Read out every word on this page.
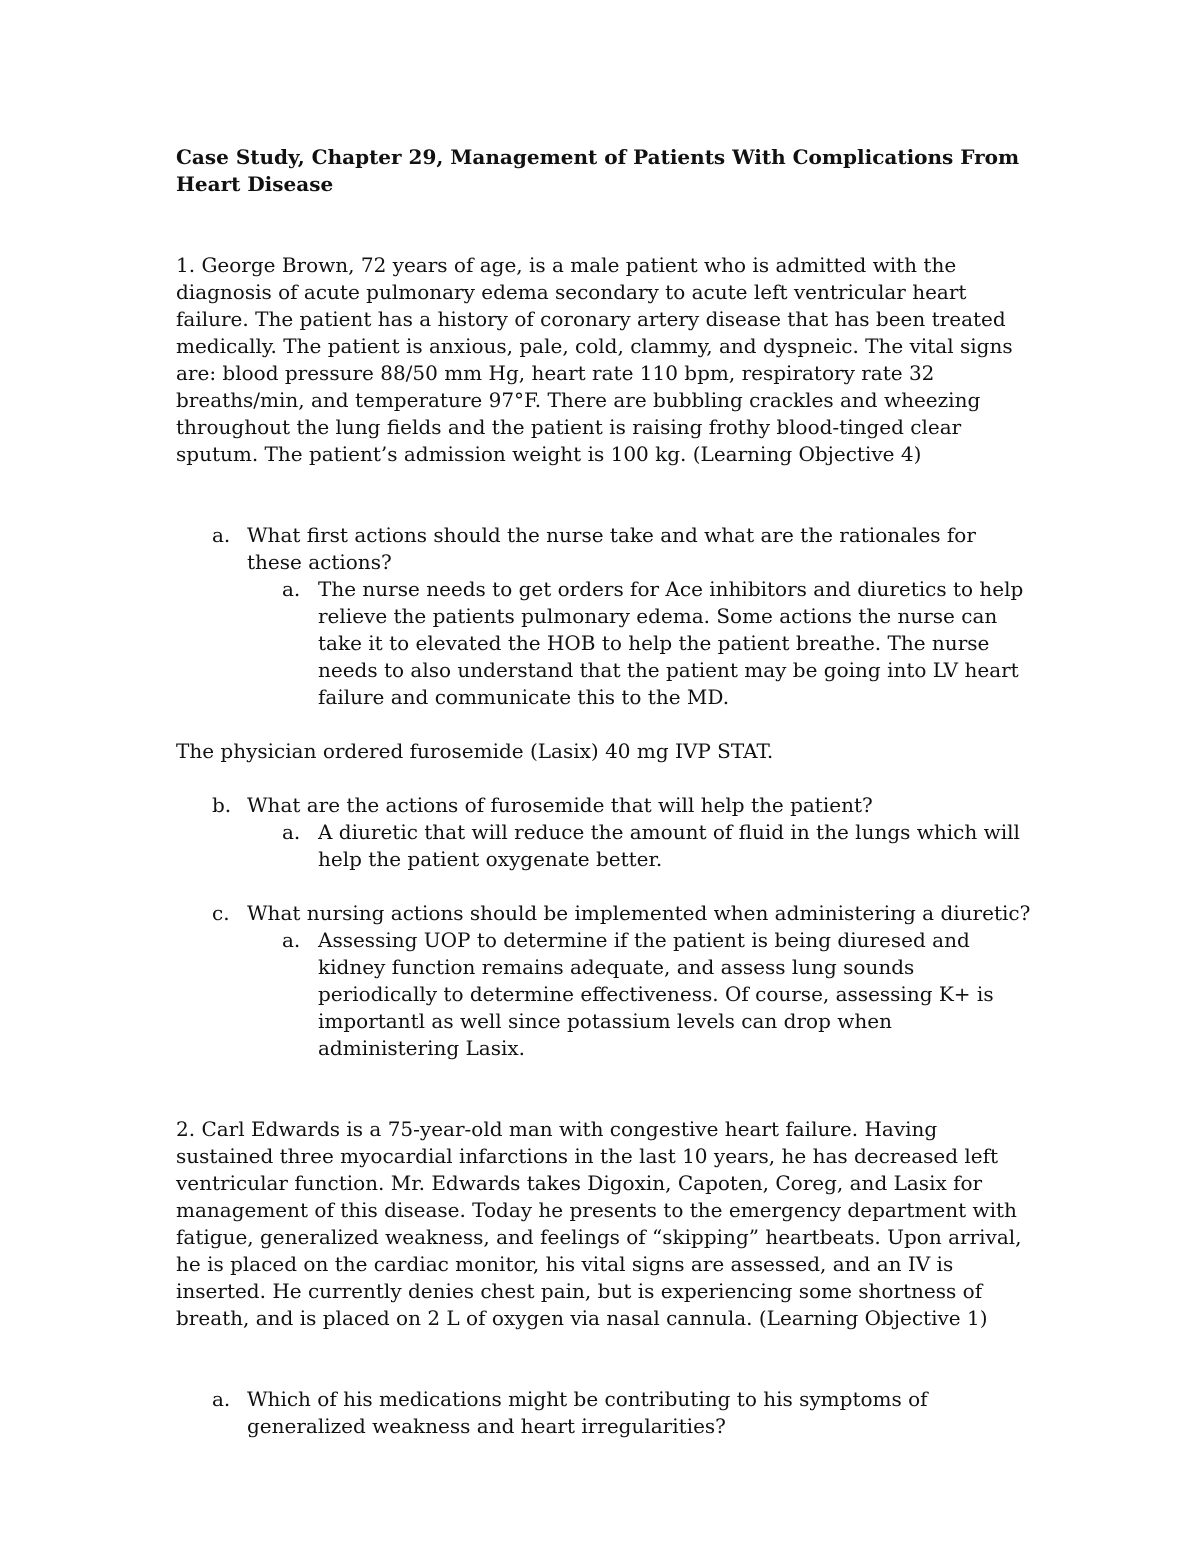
Case Study, Chapter 29, Management of Patients With Complications From Heart Disease

1. George Brown, 72 years of age, is a male patient who is admitted with the diagnosis of acute pulmonary edema secondary to acute left ventricular heart failure. The patient has a history of coronary artery disease that has been treated medically. The patient is anxious, pale, cold, clammy, and dyspneic. The vital signs are: blood pressure 88/50 mm Hg, heart rate 110 bpm, respiratory rate 32 breaths/min, and temperature 97°F. There are bubbling crackles and wheezing throughout the lung fields and the patient is raising frothy blood-tinged clear sputum. The patient’s admission weight is 100 kg. (Learning Objective 4)

a. What first actions should the nurse take and what are the rationales for these actions?
a. The nurse needs to get orders for Ace inhibitors and diuretics to help relieve the patients pulmonary edema. Some actions the nurse can take it to elevated the HOB to help the patient breathe. The nurse needs to also understand that the patient may be going into LV heart failure and communicate this to the MD.

The physician ordered furosemide (Lasix) 40 mg IVP STAT.

b. What are the actions of furosemide that will help the patient?
a. A diuretic that will reduce the amount of fluid in the lungs which will help the patient oxygenate better.
c. What nursing actions should be implemented when administering a diuretic?
a. Assessing UOP to determine if the patient is being diuresed and kidney function remains adequate, and assess lung sounds periodically to determine effectiveness. Of course, assessing K+ is importantl as well since potassium levels can drop when administering Lasix.

2. Carl Edwards is a 75-year-old man with congestive heart failure. Having sustained three myocardial infarctions in the last 10 years, he has decreased left ventricular function. Mr. Edwards takes Digoxin, Capoten, Coreg, and Lasix for management of this disease. Today he presents to the emergency department with fatigue, generalized weakness, and feelings of “skipping” heartbeats. Upon arrival, he is placed on the cardiac monitor, his vital signs are assessed, and an IV is inserted. He currently denies chest pain, but is experiencing some shortness of breath, and is placed on 2 L of oxygen via nasal cannula. (Learning Objective 1)

a. Which of his medications might be contributing to his symptoms of generalized weakness and heart irregularities?
